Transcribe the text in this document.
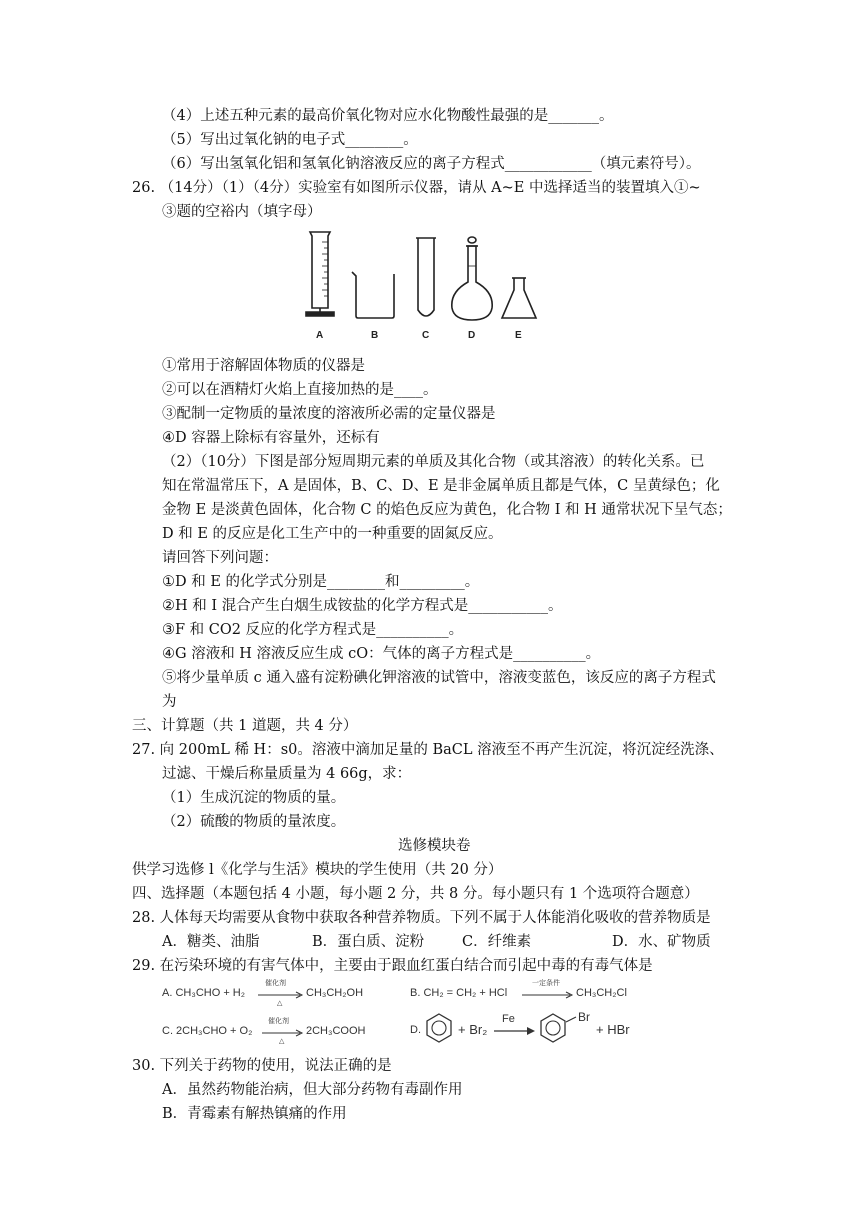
（4）上述五种元素的最高价氧化物对应水化物酸性最强的是_______。
（5）写出过氧化钠的电子式________。
（6）写出氢氧化铝和氢氧化钠溶液反应的离子方程式____________（填元素符号）。
26. （14分）（1）（4分）实验室有如图所示仪器，请从 A~E 中选择适当的装置填入①~
③题的空裕内（填字母）
A	B	C	D	E
①常用于溶解固体物质的仪器是
②可以在酒精灯火焰上直接加热的是____。
③配制一定物质的量浓度的溶液所必需的定量仪器是
④D 容器上除标有容量外，还标有
（2）（10分）下图是部分短周期元素的单质及其化合物（或其溶液）的转化关系。已
知在常温常压下，A 是固体，B、C、D、E 是非金属单质且都是气体，C 呈黄绿色；化
金物 E 是淡黄色固体，化合物 C 的焰色反应为黄色，化合物 I 和 H 通常状况下呈气态；
D 和 E 的反应是化工生产中的一种重要的固氮反应。
请回答下列问题：
①D 和 E 的化学式分别是________和_________。
②H 和 I 混合产生白烟生成铵盐的化学方程式是___________。
③F 和 CO2 反应的化学方程式是__________。
④G 溶液和 H 溶液反应生成 cO：气体的离子方程式是__________。
⑤将少量单质 c 通入盛有淀粉碘化钾溶液的试管中，溶液变蓝色，该反应的离子方程式
为
三、计算题（共 1 道题，共 4 分）
27. 向 200mL 稀 H：s0。溶液中滴加足量的 BaCL 溶液至不再产生沉淀，将沉淀经洗涤、
过滤、干燥后称量质量为 4 66g，求：
（1）生成沉淀的物质的量。
（2）硫酸的物质的量浓度。
选修模块卷
供学习选修 l《化学与生活》模块的学生使用（共 20 分）
四、选择题（本题包括 4 小题，每小题 2 分，共 8 分。每小题只有 1 个选项符合题意）
28. 人体每天均需要从食物中获取各种营养物质。下列不属于人体能消化吸收的营养物质是
A．糖类、油脂	B．蛋白质、淀粉	C．纤维素	D．水、矿物质
29. 在污染环境的有害气体中，主要由于跟血红蛋白结合而引起中毒的有毒气体是
A. CH₃CHO + H₂
催化剂
△
CH₃CH₂OH	B. CH₂ = CH₂ + HCl
一定条件
→ CH₃CH₂Cl
C. 2CH₃CHO + O₂
催化剂
△
2CH₃COOH	D.	+ Br₂
Fe	Br
+ HBr
30. 下列关于药物的使用，说法正确的是
A．虽然药物能治病，但大部分药物有毒副作用
B．青霉素有解热镇痛的作用
